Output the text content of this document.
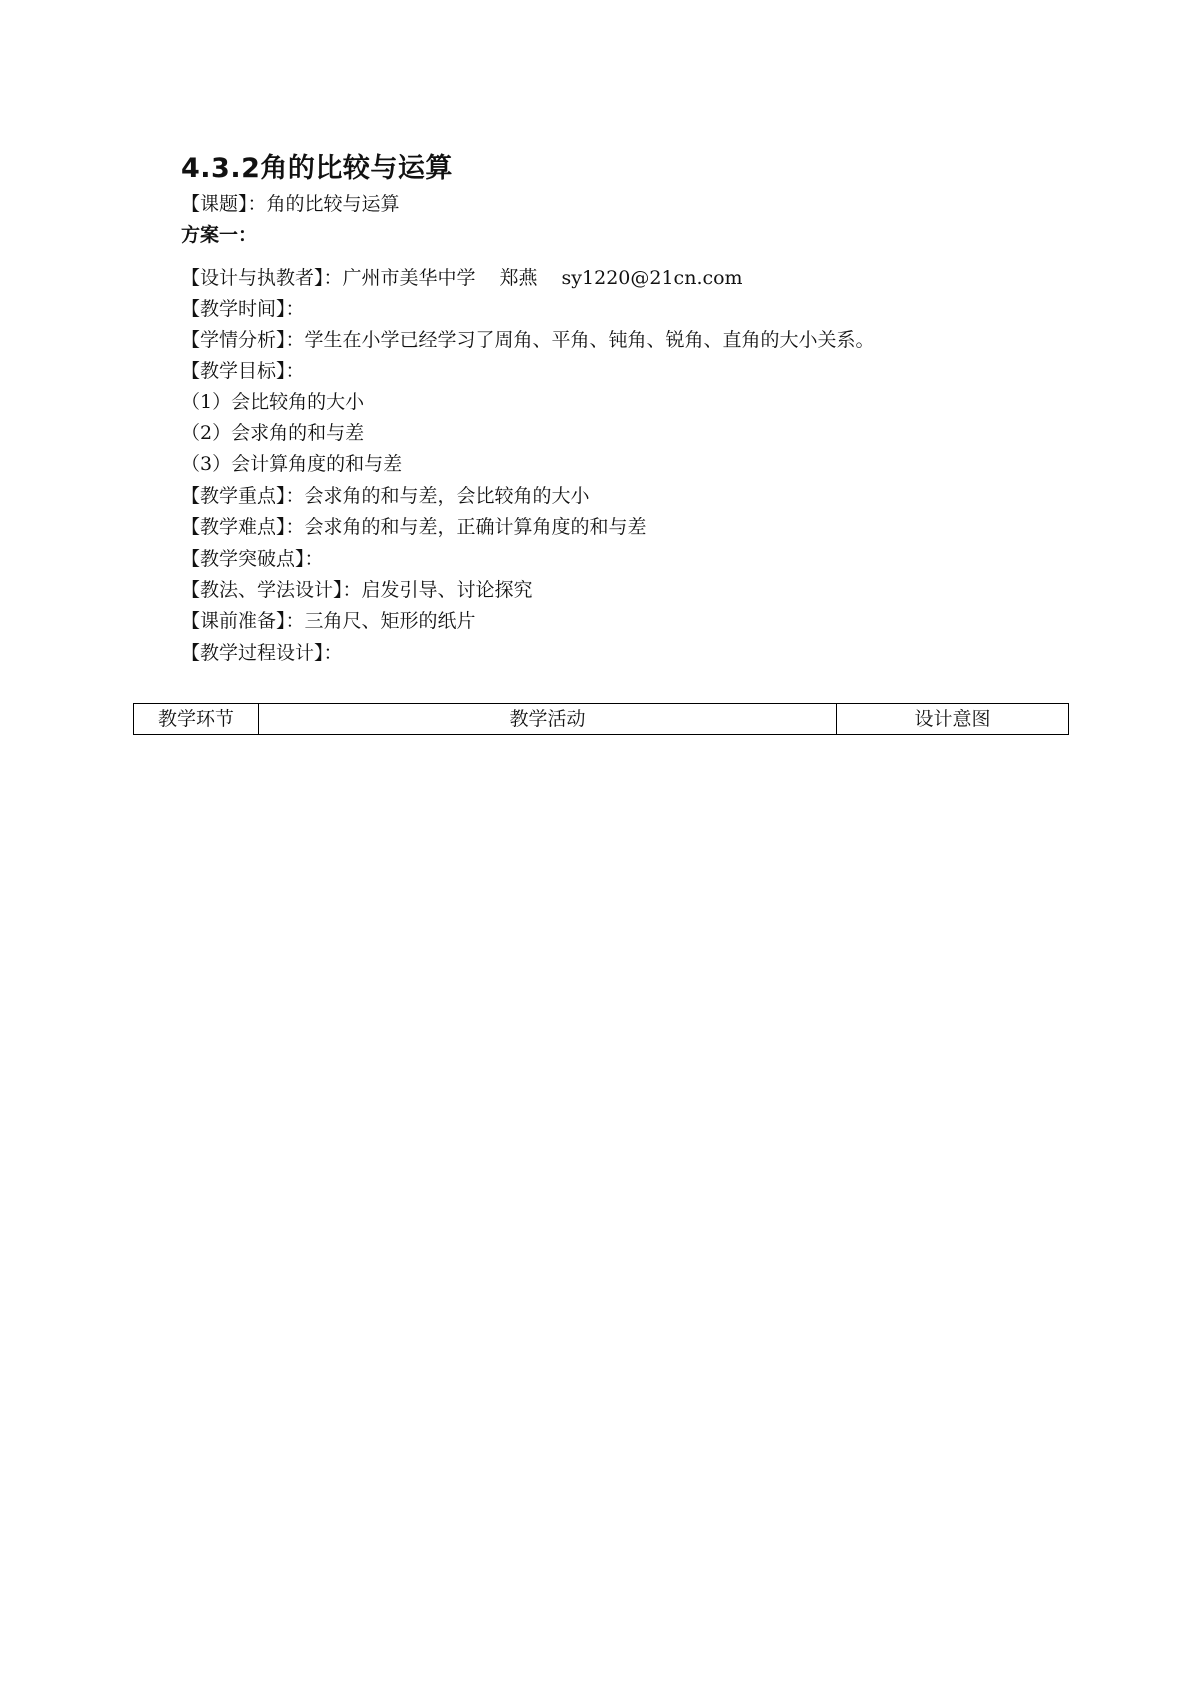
4.3.2角的比较与运算
【课题】：角的比较与运算
方案一：
【设计与执教者】：广州市美华中学 郑燕 sy1220@21cn.com
【教学时间】：
【学情分析】：学生在小学已经学习了周角、平角、钝角、锐角、直角的大小关系。
【教学目标】：
（1）会比较角的大小
（2）会求角的和与差
（3）会计算角度的和与差
【教学重点】：会求角的和与差，会比较角的大小
【教学难点】：会求角的和与差，正确计算角度的和与差
【教学突破点】：
【教法、学法设计】：启发引导、讨论探究
【课前准备】：三角尺、矩形的纸片
【教学过程设计】：
教学环节	教学活动	设计意图
